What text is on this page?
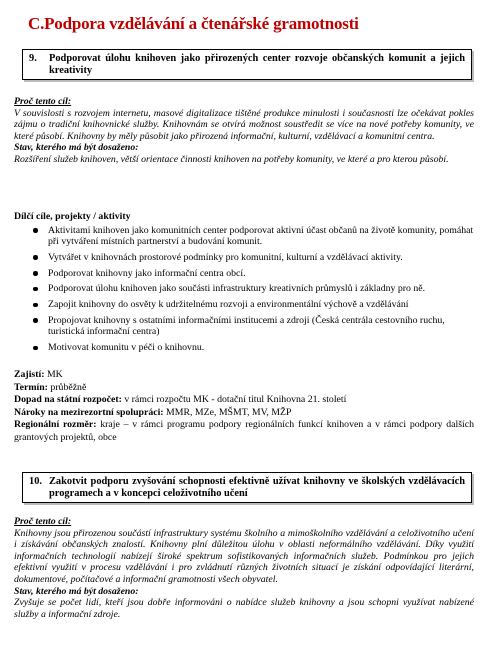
C.Podpora vzdělávání a čtenářské gramotnosti
9.	Podporovat úlohu knihoven jako přirozených center rozvoje občanských komunit a jejich kreativity
Proč tento cíl:
V souvislosti s rozvojem internetu, masové digitalizace tištěné produkce minulosti i současnosti lze očekávat pokles zájmu o tradiční knihovnické služby. Knihovnám se otvírá možnost soustředit se více na nové potřeby komunity, ve které působí. Knihovny by měly působit jako přirozená informační, kulturní, vzdělávací a komunitní centra.
Stav, kterého má být dosaženo:
Rozšíření služeb knihoven, větší orientace činnosti knihoven na potřeby komunity, ve které a pro kterou působí.
Dílčí cíle, projekty / aktivity
Aktivitami knihoven jako komunitních center podporovat aktivní účast občanů na životě komunity, pomáhat při vytváření místních partnerství a budování komunit.
Vytvářet v knihovnách prostorové podmínky pro komunitní, kulturní a vzdělávací aktivity.
Podporovat knihovny jako informační centra obcí.
Podporovat úlohu knihoven jako součásti infrastruktury kreativních průmyslů i základny pro ně.
Zapojit knihovny do osvěty k udržitelnému rozvoji a environmentální výchově a vzdělávání
Propojovat knihovny s ostatními informačními institucemi a zdroji (Česká centrála cestovního ruchu, turistická informační centra)
Motivovat komunitu v péči o knihovnu.
Zajistí: MK
Termín: průběžně
Dopad na státní rozpočet: v rámci rozpočtu MK - dotační titul Knihovna 21. století
Nároky na mezirezortní spolupráci: MMR, MZe, MŠMT, MV, MŽP
Regionální rozměr: kraje – v rámci programu podpory regionálních funkcí knihoven a v rámci podpory dalších grantových projektů, obce
10. Zakotvit podporu zvyšování schopnosti efektivně užívat knihovny ve školských vzdělávacích programech a v koncepci celoživotního učení
Proč tento cíl:
Knihovny jsou přirozenou součástí infrastruktury systému školního a mimoškolního vzdělávání a celoživotního učení i získávání občanských znalostí. Knihovny plní důležitou úlohu v oblasti neformálního vzdělávání. Díky využití informačních technologií nabízejí široké spektrum sofistikovaných informačních služeb. Podmínkou pro jejich efektivní využití v procesu vzdělávání i pro zvládnutí různých životních situací je získání odpovídající literární, dokumentové, počítačové a informační gramotnosti všech obyvatel.
Stav, kterého má být dosaženo:
Zvyšuje se počet lidí, kteří jsou dobře informováni o nabídce služeb knihovny a jsou schopni využívat nabízené služby a informační zdroje.
